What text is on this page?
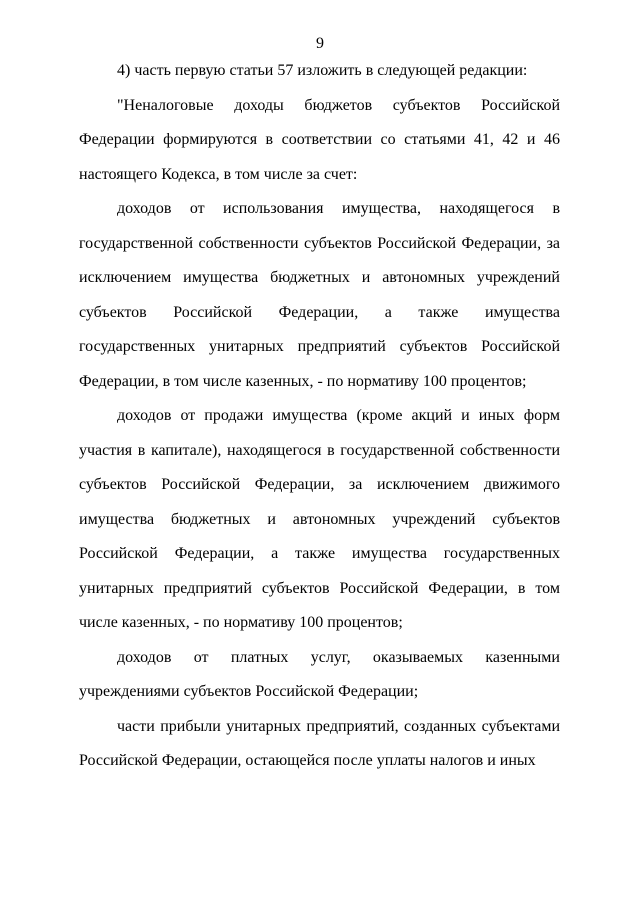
9

4) часть первую статьи 57 изложить в следующей редакции:

"Неналоговые доходы бюджетов субъектов Российской Федерации формируются в соответствии со статьями 41, 42 и 46 настоящего Кодекса, в том числе за счет:

доходов от использования имущества, находящегося в государственной собственности субъектов Российской Федерации, за исключением имущества бюджетных и автономных учреждений субъектов Российской Федерации, а также имущества государственных унитарных предприятий субъектов Российской Федерации, в том числе казенных, - по нормативу 100 процентов;

доходов от продажи имущества (кроме акций и иных форм участия в капитале), находящегося в государственной собственности субъектов Российской Федерации, за исключением движимого имущества бюджетных и автономных учреждений субъектов Российской Федерации, а также имущества государственных унитарных предприятий субъектов Российской Федерации, в том числе казенных, - по нормативу 100 процентов;

доходов от платных услуг, оказываемых казенными учреждениями субъектов Российской Федерации;

части прибыли унитарных предприятий, созданных субъектами Российской Федерации, остающейся после уплаты налогов и иных
